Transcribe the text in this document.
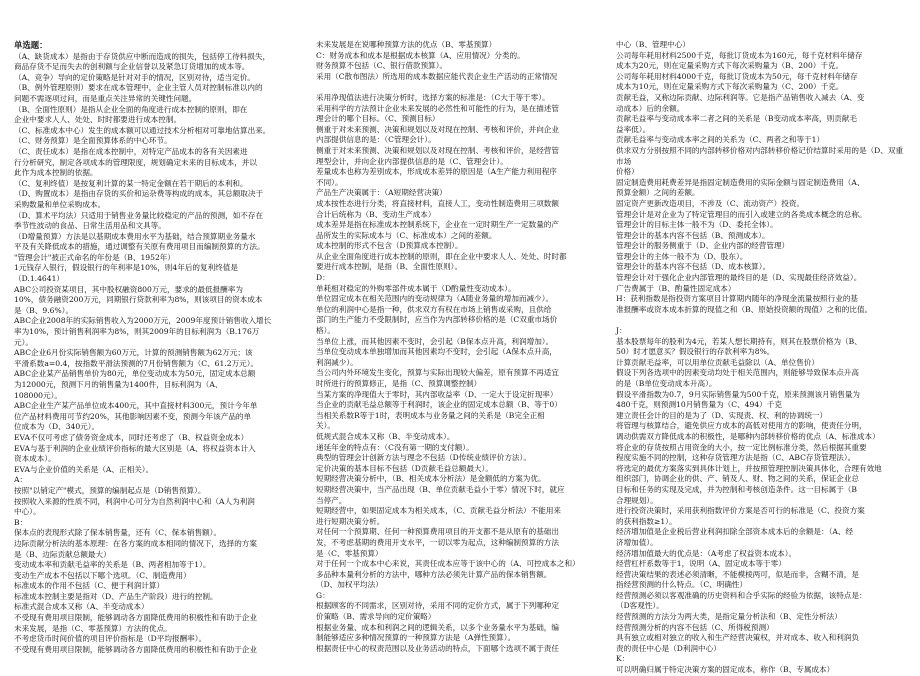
单选题：

（A、缺货成本）是指由于存货供应中断而造成的损失，包括停工待料损失，

商品存货不足而失去的创利额与企业信誉以及紧急订货增加的成本等。

（A、竞争）导向的定价策略是针对对手的情况，区别对待，适当定价。

（B、例外管理原则）要求在成本管理中，企业主管人员对控制标准以内的

问题不需逐项过问，而是重点关注异常的关键性问题。

（B、全面性原则）是指从企业全面的角度进行成本控制的原则，即在

企业中要求人人、处处、时时都要进行成本控制。

（C、标准成本中心）发生的成本额可以通过技术分析相对可靠地估算出来。

（C、财务预算）是全面预算体系的中心环节。

（C、责任成本）是指在成本控制中，对特定产品成本的各有关因素进

行分析研究，制定各项成本的管理限度，规划确定未来的目标成本，并以

此作为成本控制的依据。

（C、复利终值）是按复利计算的某一特定金额在若干期后的本利和。

（D、购置成本）是指由存货的买价和运杂费等构成的成本，其总额取决于

采购数量和单位采购成本。

（D、算术平均法）只适用于销售业务量比较稳定的产品的预测，如不存在

季节性波动的食品、日常生活用品和文具等。

（D增量预算）方法是以基期成本费用水平为基础，结合预算期业务量水

平及有关降低成本的措施，通过调整有关原有费用项目而编制预算的方法。

"管理会计"被正式命名的年份是（B、1952年）

1元钱存入银行，假设银行的年利率是10%，则4年后的复利终值是

（D.1.4641）

ABC公司投资某项目，其中股权融资800万元，要求的最低报酬率为

10%，债务融资200万元，同期银行贷款利率为8%，则该项目的资本成本

是（B、9.6%）。

ABC企业2008年的实际销售收入为2000万元，2009年度预计销售收入增长

率为10%，预计销售利润率为8%，则其2009年的目标利润为（B.176万

元）。

ABC企业6月份实际销售额为60万元，计算的预测销售额为62万元；该

平滑系数a=0.4，按指数平滑法预测的7月份销售额为（C、61.2万元）。

ABC企业某产品销售单价为80元，单位变动成本为50元，固定成本总额

为12000元，预测下月的销售量为1400件，目标利润为（A、

108000元）。

ABC企业生产某产品单位成本400元，其中直接材料300元，预计今年单

位产品材料费用可节约20%，其他影响因素不变，预测今年该产品的单

位成本为（D、340元）。

EVA不仅可考虑了债务资金成本，同时还考虑了（B、权益资金成本）

EVA与基于利润的企业业绩评价指标的最大区别是（A、将权益资本计入

资本成本）。

EVA与企业价值的关系是（A、正相关）。

A：

按照"以销定产"模式，预算的编制起点是（D销售预算）。

按照收入来源的性质不同，利润中心可分为自然利润中心和（A人为利润

中心）。

B：

保本点的表现形式除了保本销售量，还有（C、保本销售额）。

边际贡献分析法的基本原理：在各方案的成本相同的情况下，选择的方案

是（B、边际贡献总额最大）

变动成本率和贡献毛益率的关系是（B、两者相加等于1）。

变动生产成本不包括以下哪个选项。（C、制造费用）

标准成本的作用不包括（C、便于利润计算）

标准成本控制主要是指对（D、产品生产阶段）进行的控制。

标准式混合成本又称（A、半变动成本）

不受现有费用项目限制，能够调动各方面降低费用的积极性和有助于企业

未来发展，是指（C、零基预算）方法的优点。

不考虑货币时间价值的项目评价指标是（D平均报酬率）。

不受现有费用项目限制，能够调动各方面降低费用的积极性和有助于企业

未来发展是在说哪种预算方法的优点（B、零基预算）

C：财务成本和成本是根据成本核算（A、应用情况）分类的。

财务预算不包括（C、银行借款预算）。

采用（C散布图法）所选用的成本数据应能代表企业生产活动的正常情况

采用净现值法进行决策分析时，选择方案的标准是：（C大于等于零）。

采用科学的方法预计企业未来发展的必然性和可能性的行为，是在描述管

理会计的哪个目标。（C、预测目标）

侧重于对未来预测、决策和规划以及对现在控制、考核和评价，并向企业

内部提供信息的是：（C管理会计）。

侧重于对未来预测、决策和规划以及对现在控制、考核和评价，是经营管

理型会计，并向企业内部提供信息的是（C、管理会计）。

差量成本也称为差别成本，形成成本差异的原因是（A生产能力利用程序

不同）。

产品生产决策属于：（A短期经营决策）

成本按性态进行分类，将直接材料，直接人工，变动性制造费用三项数额

合计后统称为（B、变动生产成本）

成本差异是指在标准成本控制系统下，企业在一定时期生产一定数量的产

品所发生的实际成本与（C、标准成本）之间的差额。

成本控制的形式不包含（D预算成本控制）。

从企业全面角度进行成本控制的原则，即在企业中要求人人、处处、时时都

要进行成本控制，是指（B、全面性原则）。

D：

单耗相对稳定的外购零部件成本属于（D酌量性变动成本）。

单位固定成本在相关范围内的变动规律为（A随业务量的增加而减少）。

单位的利润中心是指一种，供求双方有权在市场上销售或采购，且供给

部门的生产能力不受限制时，应当作为内部转移价格的是（C双重市场价

格）。

当单位上涨，而其他因素不变时，会引起（B保本点升高，利润增加）。

当单位变动成本单独增加而其他因素均不变时，会引起（A保本点升高，

利润减少）。

当公司内外环境发生变化，预算与实际出现较大偏差，原有预算不再适宜

时所进行的预算修正，是指（C、预算调整控制）

当某方案的净现值大于零时，其内部收益率（D、一定大于设定折现率）

当企业的贡献毛益总额等于利润时，该企业的固定成本总额（B、等于0）

当相关系数R等于1时，表明成本与业务量之间的关系是（B完全正相

关）。

低规式混合成本又称（B、半变动成本）。

递延年金的特点有：（C没有第一期的支付额）。

典型的管理会计创新方法与理念不包括（D传统业绩评价方法）。

定价决策的基本目标不包括（D贡献毛益总额最大）。

短期经营决策分析中，（B、相关成本分析法）是金额低的方案为优。

短期经营决策中，当产品出现（B、单位贡献毛益小于零）情况下时，就应

当停产。

短期经营中，如果固定成本为相关成本，（C、贡献毛益分析法）不能用来

进行短期决策分析。

对任何一个预算期、任何一种预算费用项目的开支都不是从原有的基础出

发，不考虑基期的费用开支水平，一切以零为起点，这种编制预算的方法

是（C、零基预算）

对于任何一个成本中心来说，其责任成本应等于该中心的（A、可控成本之和）

多品种本量利分析的方法中，哪种方法必须先计算产品的保本销售额。

（D、加权平均法）

G：

根据顾客的不同需求，区别对待，采用不同的定价方式，属于下列哪种定

价策略（B、需求导向的定价策略）

根据业务量、成本和利润之间的逻辑关系，以多个业务量水平为基础，编

制能够适应多种情况预算的一种预算方法是（A弹性预算）。

根据责任中心的权责范围以及业务活动的特点，下面哪个选项不属于责任

中心（B、管理中心）

公司每年耗用材料2500千克，每批订货成本为160元，每千克材料年储存

成本为20元，则在定量采购方式下每次采购量为（B、200）千克。

公司每年耗用材料4000千克，每批订货成本为50元，每千克材料年储存

成本为10元，则在定量采购方式下每次采购量为（C、200）千克。

贡献毛益，又称边际贡献、边际利润等。它是指产品销售收入减去（A、变

动成本）后的余额。

贡献毛益率与变动成本率二者之间的关系是（B变动成本率高，则贡献毛

益率低）。

贡献毛益率与变动成本率之间的关系为（C、两者之和等于1）

供求双方分别按照不同的内部转移价格对内部转移价格记价结算时采用的是（D、双重市场

价格）

固定制造费用耗费差异是指固定制造费用的实际金额与固定制造费用（A、

预算金额）之间的差额。

固定资产更新改造项目，不涉及（C、流动资产）投资。

管理会计是对企业为了特定管理目的而引入或建立的各类成本概念的总称。

管理会计的目标主体一般不为（D、委托全体）。

管理会计的基本内容不包括（B、预测成本）。

管理会计的服务侧重于（D、企业内部的经营管理）

管理会计的主体一般不为（D、股东）。

管理会计的基本内容不包括（D、成本核算）。

管理会计对于强化企业内部管理的最终目的是（D、实现最佳经济效益）。

广告费属于（B、酌量性固定成本）

H：获利指数是指投资方案项目计算期内随年的净现金流量按照行业的基

准报酬率或资本成本折算的现值之和（B、原始投资额的现值）之和的比值。

J：

基本股票每年的股利为4元，若某人想长期持有，则其在股票价格为（B、

50）时才愿意买？假设银行的存款利率为8%。

计算贡献毛益率，可以用单位贡献毛益除以（A、单位售价）

假设下列各选项中的因素变动均处于相关范围内，则能够导致保本点升高

的是（B单位变动成本升高）。

假设平滑指数为0.7，9月实际销售量为500千克，原来预测该月销售量为

480千克，则预测10月销售量为（C、494）千克

建立责任会计的目的是为了（D、实现责、权、利的协调统一）

将管理与核算结合，避免供应方成本的高低对使用方的影响，使责任分明，

调动供需双方降低成本的积极性，是哪种内部转移价格的优点（A、标准成本）

将企业的存货按照占用资金的大小，按一定比例标准分类，然后根据其重要

程度实施不同的控制，这种存货管理方法是指（C、ABC存货管理法）。

将选定的最优方案落实到具体计划上，并按照管理控制决策具体化，合理有效地

组织部门，协调企业的供、产、销及人、财、物之间的关系，保证企业总

目标和任务的实现及完成，并为控制和考核创造条件。这一目标属于（B

合理规划）。

进行投资决策时，采用获利指数评价方案是否可行的标准是（C、投资方案

的获利指数≥1）。

经济增加值是企业税后营业利润扣除全部资本成本后的余额是：（A、经

济增加值）。

经济增加值最大的优点是：（A考虑了权益资本成本）。

经营杠杆系数等于1，说明（A、固定成本等于零）

经营决策结果的表述必须清晰，不能模棱两可，似是而非，含糊不清，是

指经营预测的什么特点。（C、明确性）

经营预测必须以客观准确的历史资料和合乎实际的经验为依据，该特点是：

（D客观性）。

经营预测的方法分为两大类，是指定量分析法和（B、定性分析法）

经营预测分析的内容不包括（C、所得税预测）

具有独立或相对独立的收入和生产经营决策权，并对成本、收入和利润负

责的责任中心是（D利润中心）

K：

可以明确归属于特定决策方案的固定成本，称作（B、专属成本）
